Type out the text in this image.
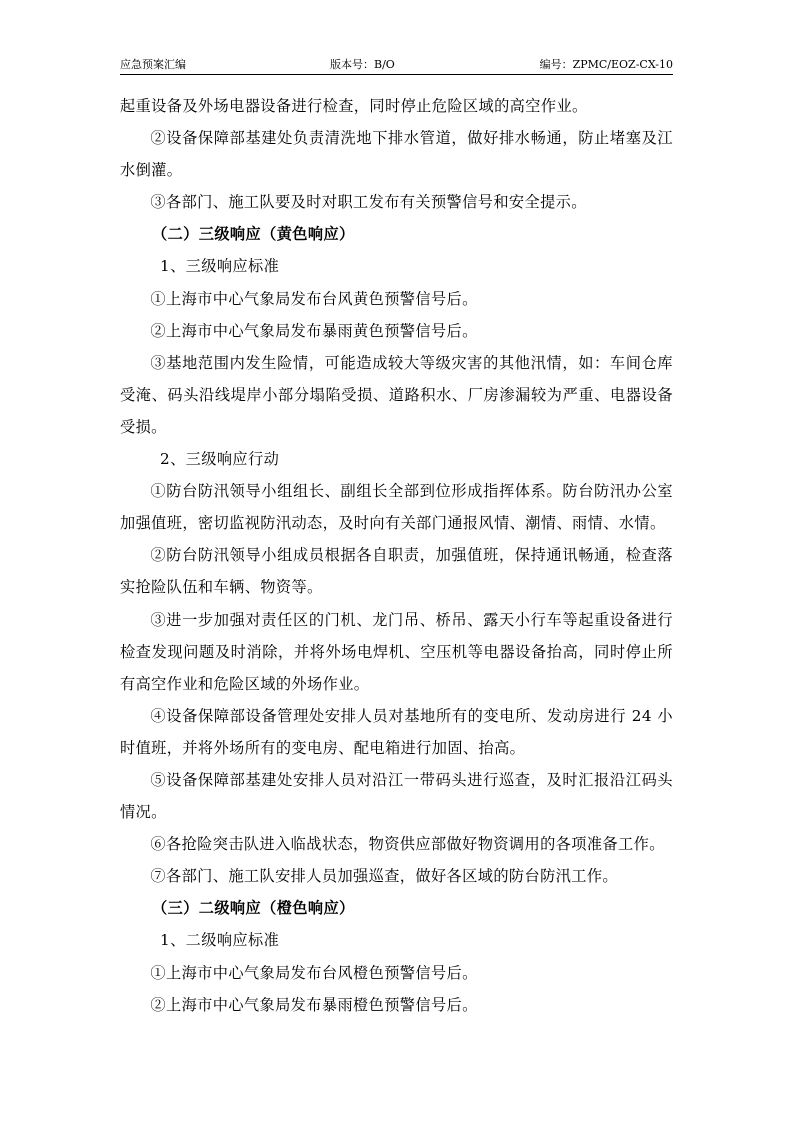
应急预案汇编	版本号：B/O	编号：ZPMC/EOZ-CX-10

起重设备及外场电器设备进行检查，同时停止危险区域的高空作业。

②设备保障部基建处负责清洗地下排水管道，做好排水畅通，防止堵塞及江水倒灌。

③各部门、施工队要及时对职工发布有关预警信号和安全提示。

（二）三级响应（黄色响应）

1、三级响应标准

①上海市中心气象局发布台风黄色预警信号后。

②上海市中心气象局发布暴雨黄色预警信号后。

③基地范围内发生险情，可能造成较大等级灾害的其他汛情，如：车间仓库受淹、码头沿线堤岸小部分塌陷受损、道路积水、厂房渗漏较为严重、电器设备受损。

2、三级响应行动

①防台防汛领导小组组长、副组长全部到位形成指挥体系。防台防汛办公室加强值班，密切监视防汛动态，及时向有关部门通报风情、潮情、雨情、水情。

②防台防汛领导小组成员根据各自职责，加强值班，保持通讯畅通，检查落实抢险队伍和车辆、物资等。

③进一步加强对责任区的门机、龙门吊、桥吊、露天小行车等起重设备进行检查发现问题及时消除，并将外场电焊机、空压机等电器设备抬高，同时停止所有高空作业和危险区域的外场作业。

④设备保障部设备管理处安排人员对基地所有的变电所、发动房进行 24 小时值班，并将外场所有的变电房、配电箱进行加固、抬高。

⑤设备保障部基建处安排人员对沿江一带码头进行巡查，及时汇报沿江码头情况。

⑥各抢险突击队进入临战状态，物资供应部做好物资调用的各项准备工作。

⑦各部门、施工队安排人员加强巡查，做好各区域的防台防汛工作。

（三）二级响应（橙色响应）

1、二级响应标准

①上海市中心气象局发布台风橙色预警信号后。

②上海市中心气象局发布暴雨橙色预警信号后。
